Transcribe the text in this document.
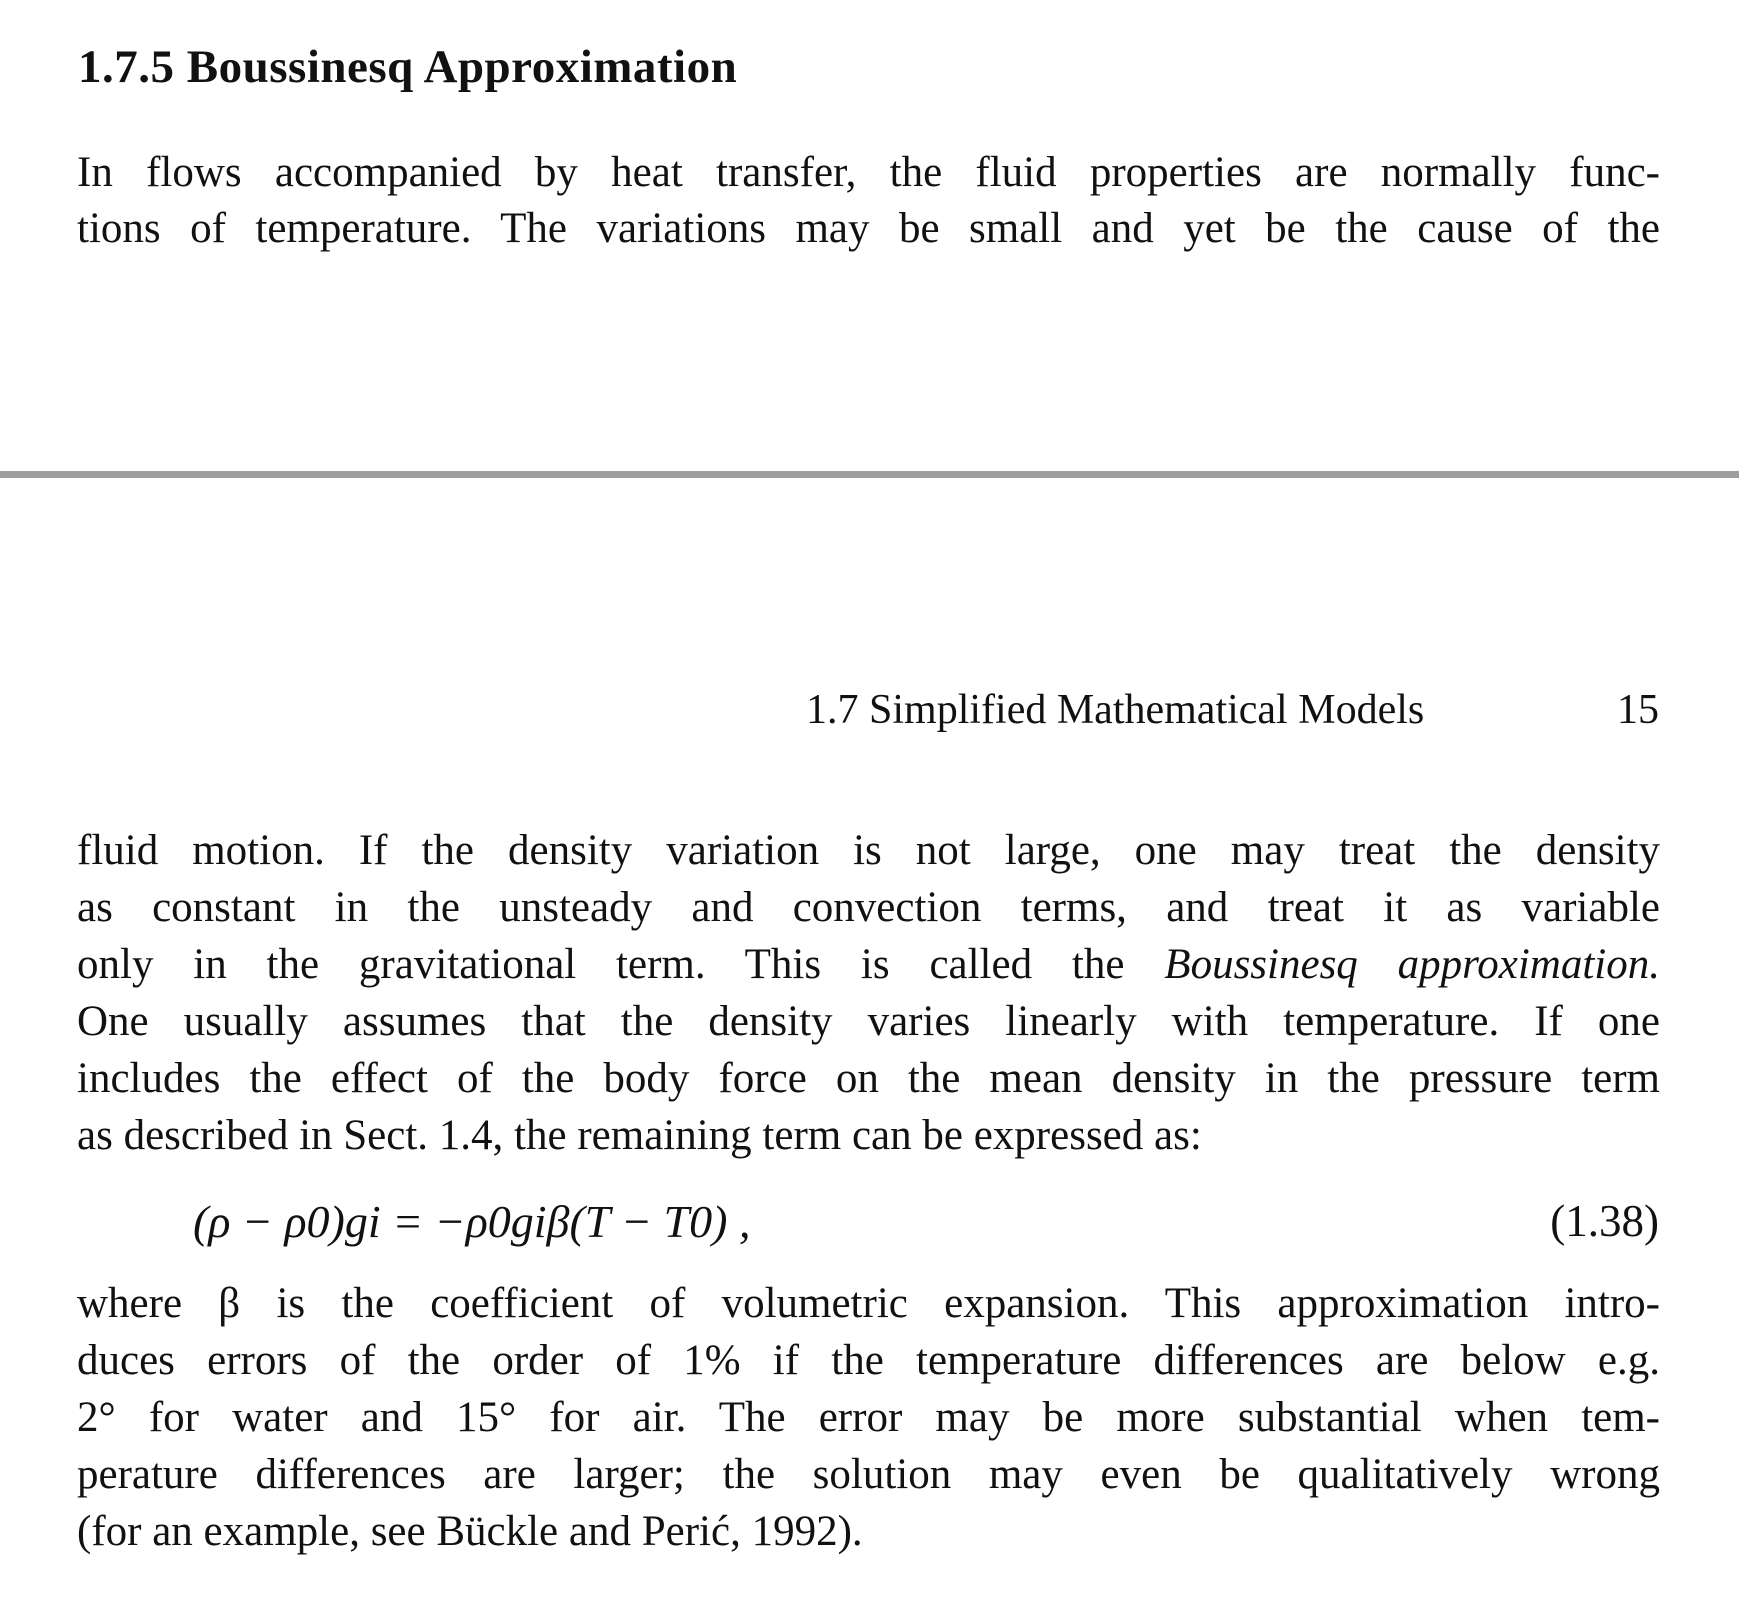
1.7.5 Boussinesq Approximation
In flows accompanied by heat transfer, the fluid properties are normally func-
tions of temperature. The variations may be small and yet be the cause of the
1.7 Simplified Mathematical Models	15
fluid motion. If the density variation is not large, one may treat the density
as constant in the unsteady and convection terms, and treat it as variable
only in the gravitational term. This is called the Boussinesq approximation.
One usually assumes that the density varies linearly with temperature. If one
includes the effect of the body force on the mean density in the pressure term
as described in Sect. 1.4, the remaining term can be expressed as:
(ρ − ρ0)gi = −ρ0giβ(T − T0) ,	(1.38)
where β is the coefficient of volumetric expansion. This approximation intro-
duces errors of the order of 1% if the temperature differences are below e.g.
2° for water and 15° for air. The error may be more substantial when tem-
perature differences are larger; the solution may even be qualitatively wrong
(for an example, see Bückle and Perić, 1992).
